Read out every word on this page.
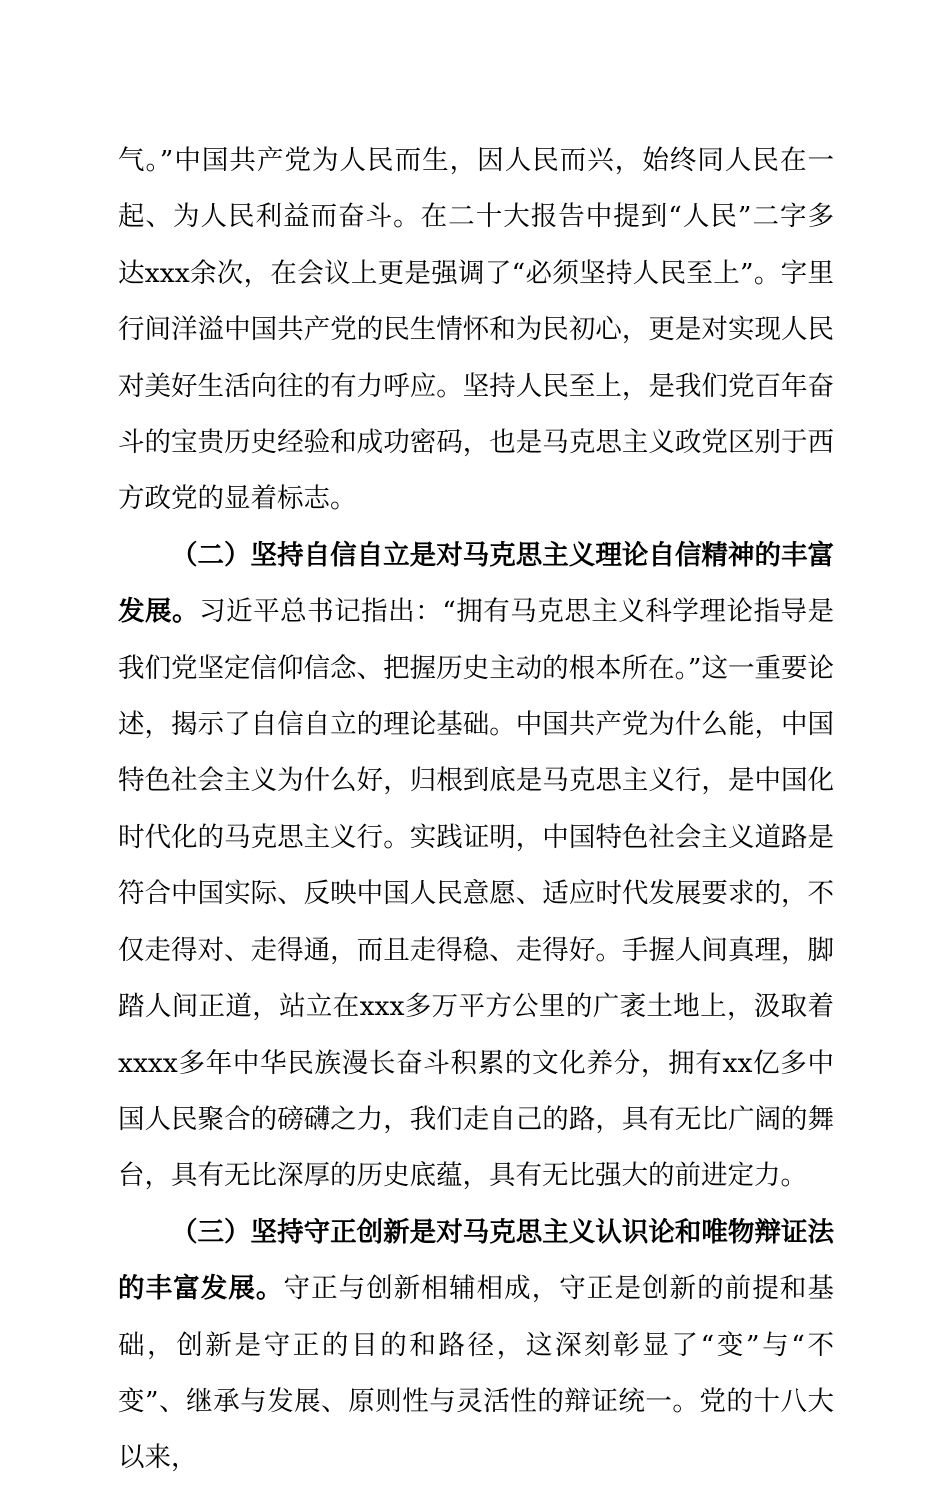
气。”中国共产党为人民而生，因人民而兴，始终同人民在一起、为人民利益而奋斗。在二十大报告中提到“人民”二字多达xxx余次，在会议上更是强调了“必须坚持人民至上”。字里行间洋溢中国共产党的民生情怀和为民初心，更是对实现人民对美好生活向往的有力呼应。坚持人民至上，是我们党百年奋斗的宝贵历史经验和成功密码，也是马克思主义政党区别于西方政党的显着标志。

（二）坚持自信自立是对马克思主义理论自信精神的丰富发展。习近平总书记指出：“拥有马克思主义科学理论指导是我们党坚定信仰信念、把握历史主动的根本所在。”这一重要论述，揭示了自信自立的理论基础。中国共产党为什么能，中国特色社会主义为什么好，归根到底是马克思主义行，是中国化时代化的马克思主义行。实践证明，中国特色社会主义道路是符合中国实际、反映中国人民意愿、适应时代发展要求的，不仅走得对、走得通，而且走得稳、走得好。手握人间真理，脚踏人间正道，站立在xxx多万平方公里的广袤土地上，汲取着xxxx多年中华民族漫长奋斗积累的文化养分，拥有xx亿多中国人民聚合的磅礴之力，我们走自己的路，具有无比广阔的舞台，具有无比深厚的历史底蕴，具有无比强大的前进定力。

（三）坚持守正创新是对马克思主义认识论和唯物辩证法的丰富发展。守正与创新相辅相成，守正是创新的前提和基础，创新是守正的目的和路径，这深刻彰显了“变”与“不变”、继承与发展、原则性与灵活性的辩证统一。党的十八大以来，
